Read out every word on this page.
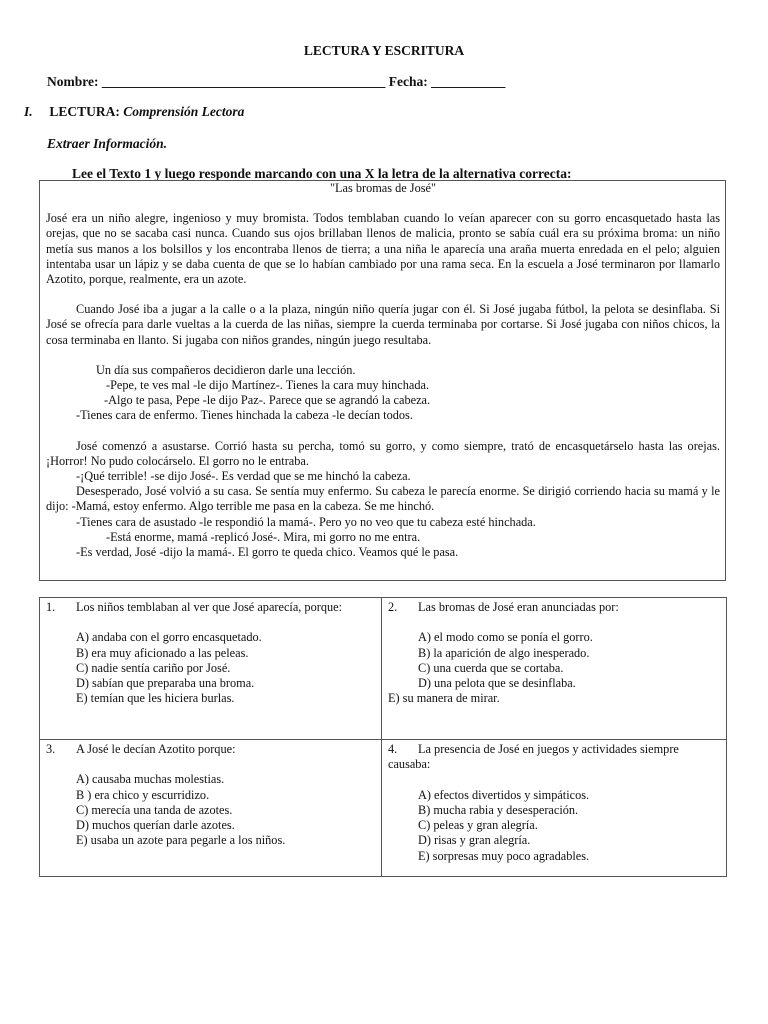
LECTURA Y ESCRITURA
Nombre: __________________________________________ Fecha: ___________
I. LECTURA: Comprensión Lectora
Extraer Información.
Lee el Texto 1 y luego responde marcando con una X la letra de la alternativa correcta:

"Las bromas de José"

José era un niño alegre, ingenioso y muy bromista. Todos temblaban cuando lo veían aparecer con su gorro encasquetado hasta las orejas, que no se sacaba casi nunca. Cuando sus ojos brillaban llenos de malicia, pronto se sabía cuál era su próxima broma: un niño metía sus manos a los bolsillos y los encontraba llenos de tierra; a una niña le aparecía una araña muerta enredada en el pelo; alguien intentaba usar un lápiz y se daba cuenta de que se lo habían cambiado por una rama seca. En la escuela a José terminaron por llamarlo Azotito, porque, realmente, era un azote.

Cuando José iba a jugar a la calle o a la plaza, ningún niño quería jugar con él. Si José jugaba fútbol, la pelota se desinflaba. Si José se ofrecía para darle vueltas a la cuerda de las niñas, siempre la cuerda terminaba por cortarse. Si José jugaba con niños chicos, la cosa terminaba en llanto. Si jugaba con niños grandes, ningún juego resultaba.

Un día sus compañeros decidieron darle una lección.

-Pepe, te ves mal -le dijo Martínez-. Tienes la cara muy hinchada.

-Algo te pasa, Pepe -le dijo Paz-. Parece que se agrandó la cabeza.

-Tienes cara de enfermo. Tienes hinchada la cabeza -le decían todos.

José comenzó a asustarse. Corrió hasta su percha, tomó su gorro, y como siempre, trató de encasquetárselo hasta las orejas. ¡Horror! No pudo colocárselo. El gorro no le entraba.

-¡Qué terrible! -se dijo José-. Es verdad que se me hinchó la cabeza.

Desesperado, José volvió a su casa. Se sentía muy enfermo. Su cabeza le parecía enorme. Se dirigió corriendo hacia su mamá y le dijo: -Mamá, estoy enfermo. Algo terrible me pasa en la cabeza. Se me hinchó.

-Tienes cara de asustado -le respondió la mamá-. Pero yo no veo que tu cabeza esté hinchada.

-Está enorme, mamá -replicó José-. Mira, mi gorro no me entra.

-Es verdad, José -dijo la mamá-. El gorro te queda chico. Veamos qué le pasa.

1. Los niños temblaban al ver que José aparecía, porque:
A) andaba con el gorro encasquetado.
B) era muy aficionado a las peleas.
C) nadie sentía cariño por José.
D) sabían que preparaba una broma.
E) temían que les hiciera burlas.
2. Las bromas de José eran anunciadas por:
A) el modo como se ponía el gorro.
B) la aparición de algo inesperado.
C) una cuerda que se cortaba.
D) una pelota que se desinflaba.
E) su manera de mirar.
3. A José le decían Azotito porque:
A) causaba muchas molestias.
B ) era chico y escurridizo.
C) merecía una tanda de azotes.
D) muchos querían darle azotes.
E) usaba un azote para pegarle a los niños.
4. La presencia de José en juegos y actividades siempre causaba:
A) efectos divertidos y simpáticos.
B) mucha rabia y desesperación.
C) peleas y gran alegría.
D) risas y gran alegría.
E) sorpresas muy poco agradables.
